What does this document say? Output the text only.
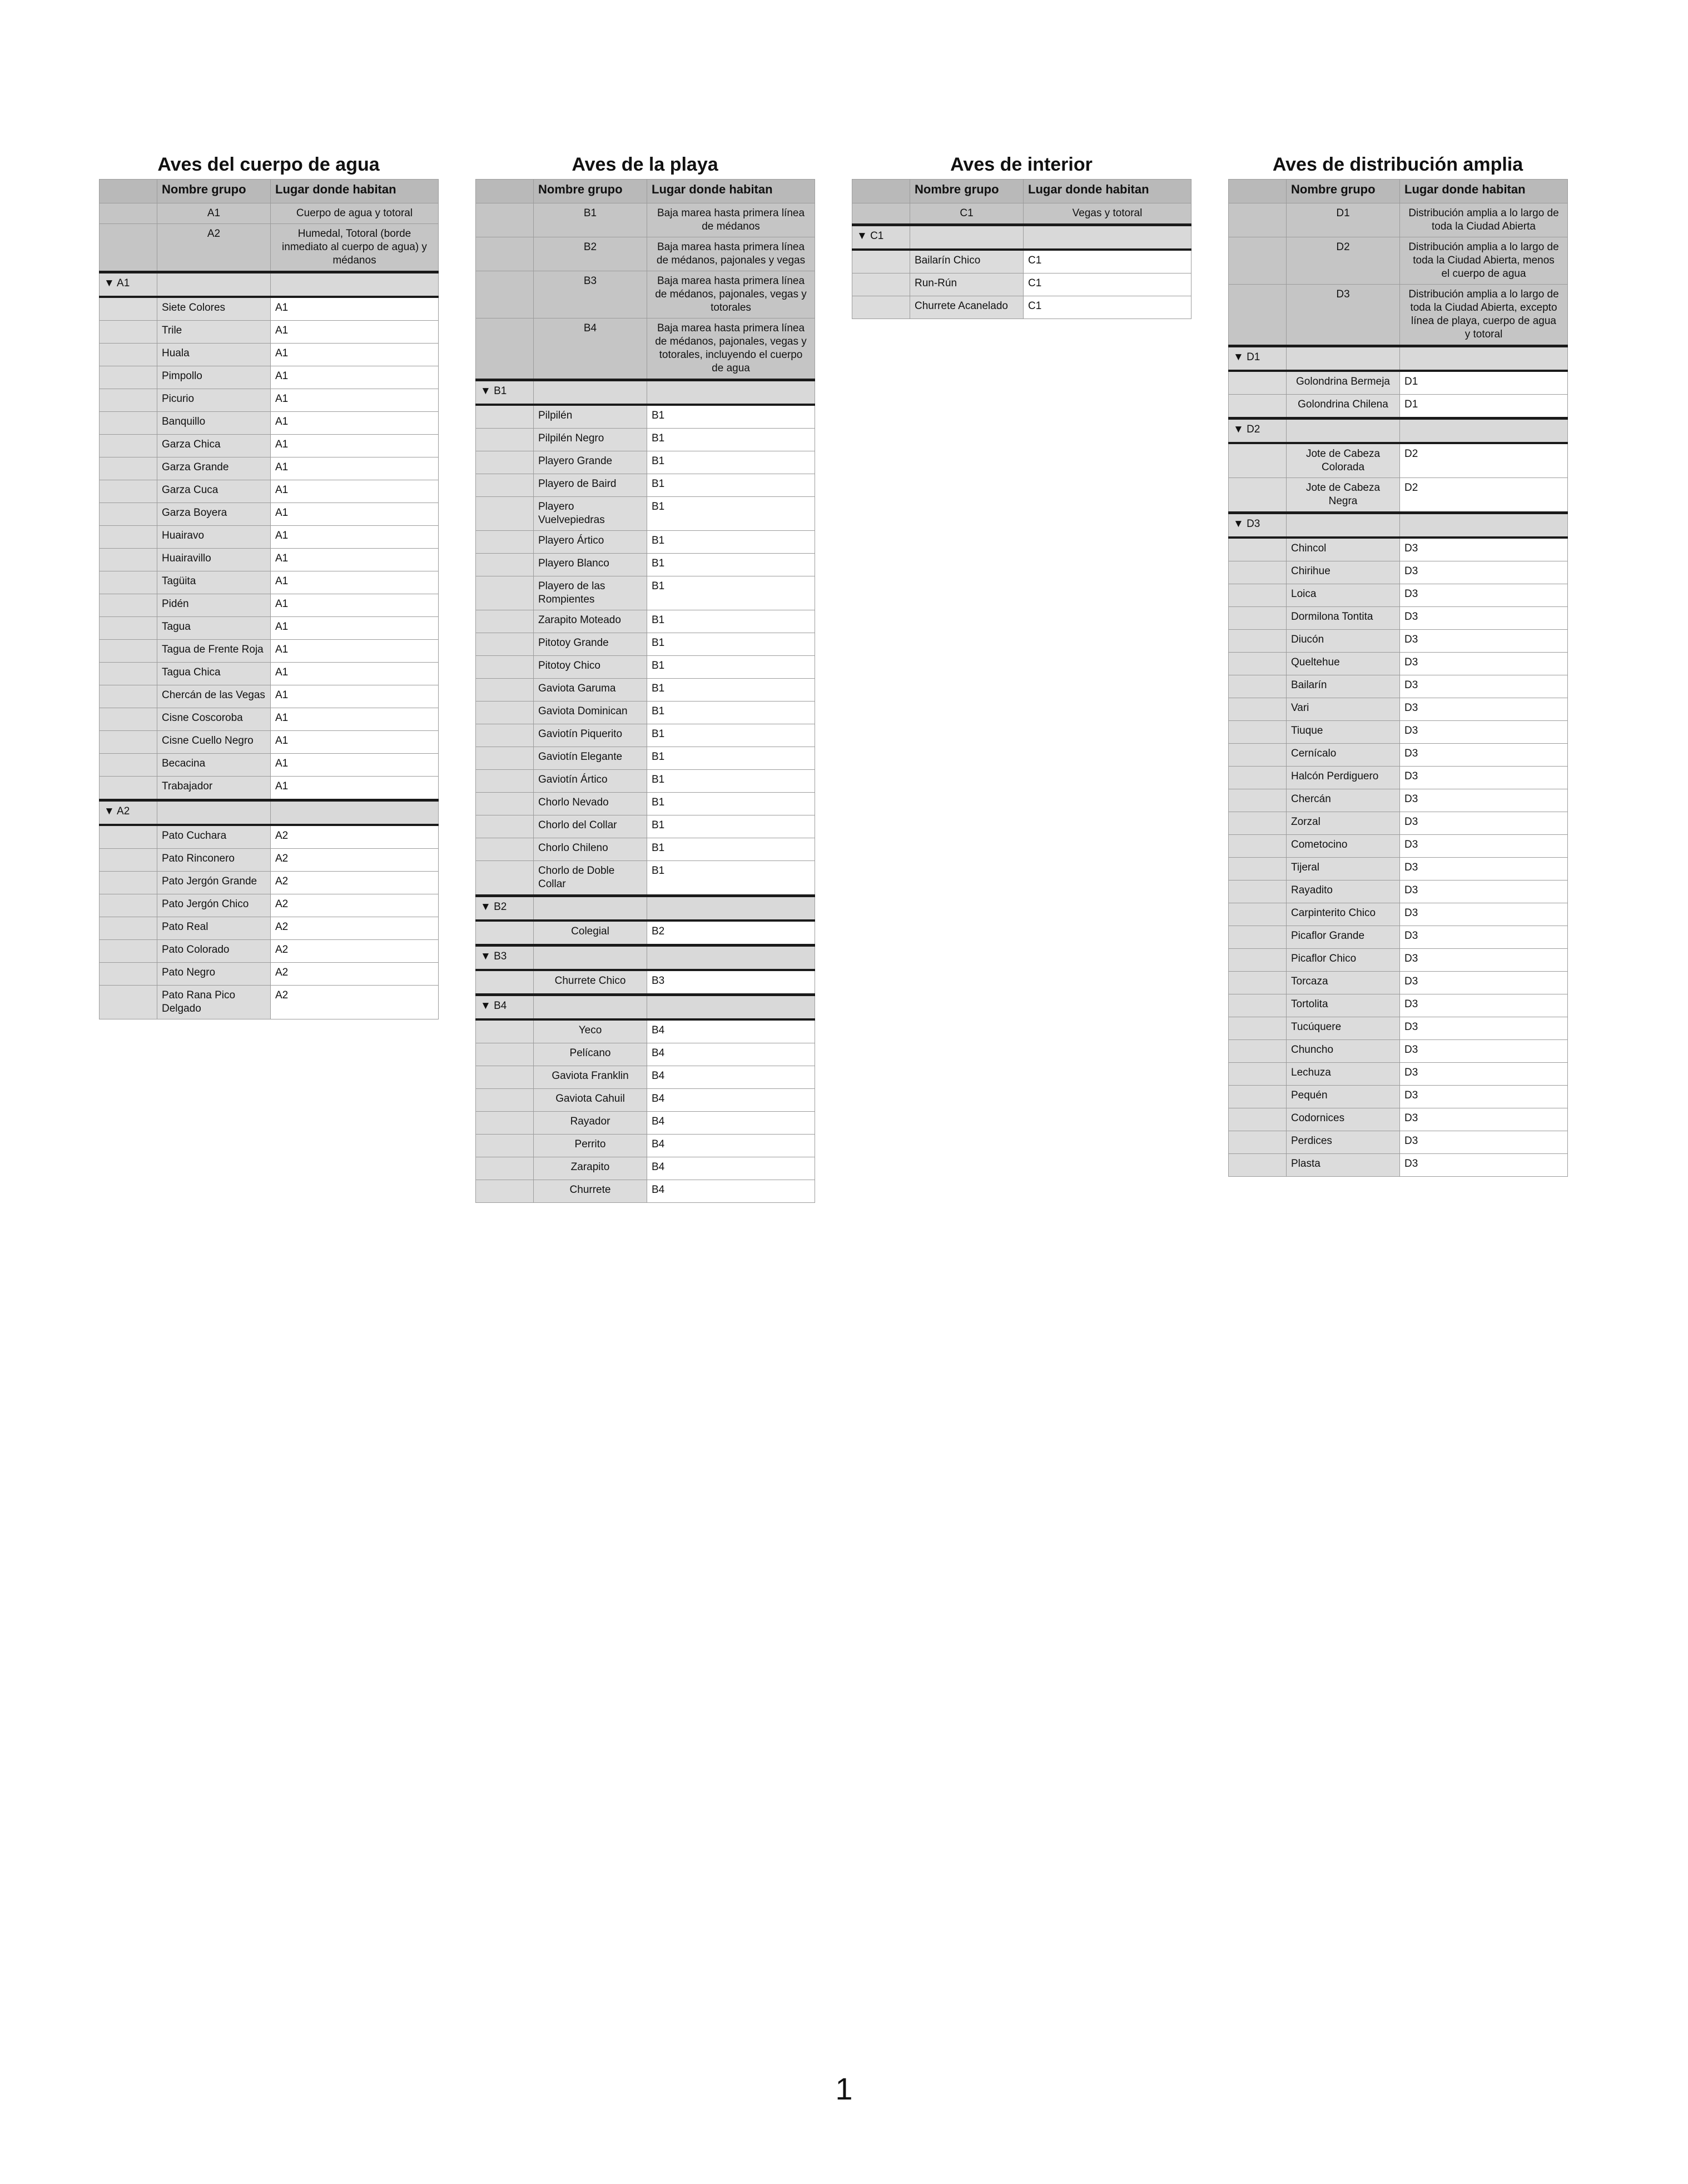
Aves del cuerpo de agua
	Nombre grupo	Lugar donde habitan
	A1	Cuerpo de agua y totoral
	A2	Humedal, Totoral (borde inmediato al cuerpo de agua) y médanos
▼ A1		
	Siete Colores	A1
	Trile	A1
	Huala	A1
	Pimpollo	A1
	Picurio	A1
	Banquillo	A1
	Garza Chica	A1
	Garza Grande	A1
	Garza Cuca	A1
	Garza Boyera	A1
	Huairavo	A1
	Huairavillo	A1
	Tagüita	A1
	Pidén	A1
	Tagua	A1
	Tagua de Frente Roja	A1
	Tagua Chica	A1
	Chercán de las Vegas	A1
	Cisne Coscoroba	A1
	Cisne Cuello Negro	A1
	Becacina	A1
	Trabajador	A1
▼ A2		
	Pato Cuchara	A2
	Pato Rinconero	A2
	Pato Jergón Grande	A2
	Pato Jergón Chico	A2
	Pato Real	A2
	Pato Colorado	A2
	Pato Negro	A2
	Pato Rana Pico Delgado	A2
Aves de la playa
	Nombre grupo	Lugar donde habitan
	B1	Baja marea hasta primera línea de médanos
	B2	Baja marea hasta primera línea de médanos, pajonales y vegas
	B3	Baja marea hasta primera línea de médanos, pajonales, vegas y totorales
	B4	Baja marea hasta primera línea de médanos, pajonales, vegas y totorales, incluyendo el cuerpo de agua
▼ B1		
	Pilpilén	B1
	Pilpilén Negro	B1
	Playero Grande	B1
	Playero de Baird	B1
	Playero Vuelvepiedras	B1
	Playero Ártico	B1
	Playero Blanco	B1
	Playero de las Rompientes	B1
	Zarapito Moteado	B1
	Pitotoy Grande	B1
	Pitotoy Chico	B1
	Gaviota Garuma	B1
	Gaviota Dominican	B1
	Gaviotín Piquerito	B1
	Gaviotín Elegante	B1
	Gaviotín Ártico	B1
	Chorlo Nevado	B1
	Chorlo del Collar	B1
	Chorlo Chileno	B1
	Chorlo de Doble Collar	B1
▼ B2		
	Colegial	B2
▼ B3		
	Churrete Chico	B3
▼ B4		
	Yeco	B4
	Pelícano	B4
	Gaviota Franklin	B4
	Gaviota Cahuil	B4
	Rayador	B4
	Perrito	B4
	Zarapito	B4
	Churrete	B4
Aves de interior
	Nombre grupo	Lugar donde habitan
	C1	Vegas y totoral
▼ C1		
	Bailarín Chico	C1
	Run-Rún	C1
	Churrete Acanelado	C1
Aves de distribución amplia
	Nombre grupo	Lugar donde habitan
	D1	Distribución amplia a lo largo de toda la Ciudad Abierta
	D2	Distribución amplia a lo largo de toda la Ciudad Abierta, menos el cuerpo de agua
	D3	Distribución amplia a lo largo de toda la Ciudad Abierta, excepto línea de playa, cuerpo de agua y totoral
▼ D1		
	Golondrina Bermeja	D1
	Golondrina Chilena	D1
▼ D2		
	Jote de Cabeza Colorada	D2
	Jote de Cabeza Negra	D2
▼ D3		
	Chincol	D3
	Chirihue	D3
	Loica	D3
	Dormilona Tontita	D3
	Diucón	D3
	Queltehue	D3
	Bailarín	D3
	Vari	D3
	Tiuque	D3
	Cernícalo	D3
	Halcón Perdiguero	D3
	Chercán	D3
	Zorzal	D3
	Cometocino	D3
	Tijeral	D3
	Rayadito	D3
	Carpinterito Chico	D3
	Picaflor Grande	D3
	Picaflor Chico	D3
	Torcaza	D3
	Tortolita	D3
	Tucúquere	D3
	Chuncho	D3
	Lechuza	D3
	Pequén	D3
	Codornices	D3
	Perdices	D3
	Plasta	D3
1
